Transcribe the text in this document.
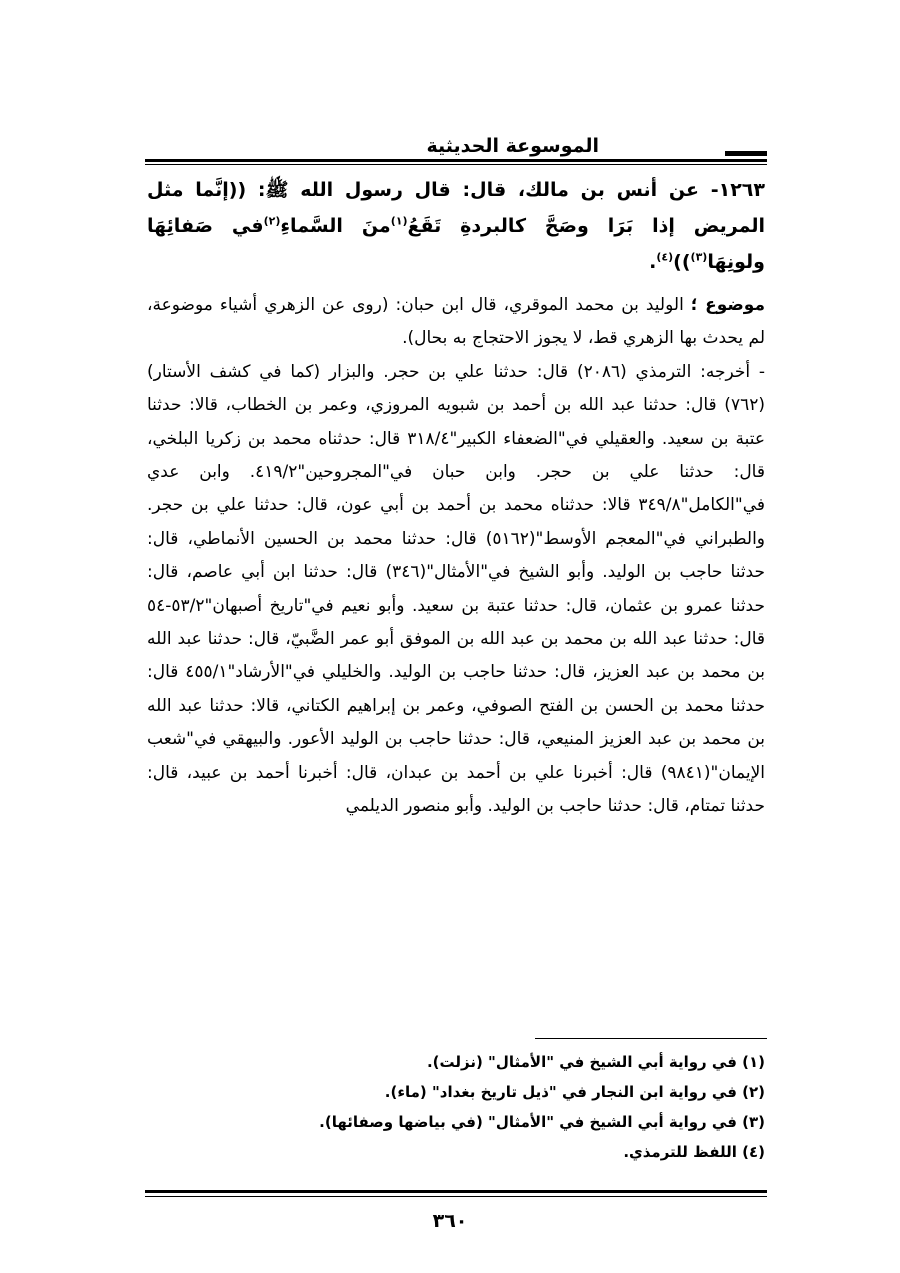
الموسوعة الحديثية

١٢٦٣- عن أنس بن مالك، قال: قال رسول الله ﷺ: ((إنَّما مثل المريض إذا بَرَا وصَحَّ كالبردةِ تَقَعُ$^{(١)}$منَ السَّماءِ$^{(٢)}$في صَفائِهَا ولونِهَا$^{(٣)}$))$^{(٤)}$.

موضوع ؛ الوليد بن محمد الموقري، قال ابن حبان: (روى عن الزهري أشياء موضوعة، لم يحدث بها الزهري قط، لا يجوز الاحتجاج به بحال).

- أخرجه: الترمذي (٢٠٨٦) قال: حدثنا علي بن حجر. والبزار (كما في كشف الأستار) (٧٦٢) قال: حدثنا عبد الله بن أحمد بن شبويه المروزي، وعمر بن الخطاب، قالا: حدثنا عتبة بن سعيد. والعقيلي في"الضعفاء الكبير"٣١٨/٤ قال: حدثناه محمد بن زكريا البلخي، قال: حدثنا علي بن حجر. وابن حبان في"المجروحين"٤١٩/٢. وابن عدي في"الكامل"٣٤٩/٨ قالا: حدثناه محمد بن أحمد بن أبي عون، قال: حدثنا علي بن حجر. والطبراني في"المعجم الأوسط"(٥١٦٢) قال: حدثنا محمد بن الحسين الأنماطي، قال: حدثنا حاجب بن الوليد. وأبو الشيخ في"الأمثال"(٣٤٦) قال: حدثنا ابن أبي عاصم، قال: حدثنا عمرو بن عثمان، قال: حدثنا عتبة بن سعيد. وأبو نعيم في"تاريخ أصبهان"٥٣/٢-٥٤ قال: حدثنا عبد الله بن محمد بن عبد الله بن الموفق أبو عمر الضَّبيّ، قال: حدثنا عبد الله بن محمد بن عبد العزيز، قال: حدثنا حاجب بن الوليد. والخليلي في"الأرشاد"٤٥٥/١ قال: حدثنا محمد بن الحسن بن الفتح الصوفي، وعمر بن إبراهيم الكتاني، قالا: حدثنا عبد الله بن محمد بن عبد العزيز المنيعي، قال: حدثنا حاجب بن الوليد الأعور. والبيهقي في"شعب الإيمان"(٩٨٤١) قال: أخبرنا علي بن أحمد بن عبدان، قال: أخبرنا أحمد بن عبيد، قال: حدثنا تمتام، قال: حدثنا حاجب بن الوليد. وأبو منصور الديلمي

(١) في رواية أبي الشيخ في "الأمثال" (نزلت).

(٢) في رواية ابن النجار في "ذيل تاريخ بغداد" (ماء).

(٣) في رواية أبي الشيخ في "الأمثال" (في بياضها وصفائها).

(٤) اللفظ للترمذي.

٣٦٠
